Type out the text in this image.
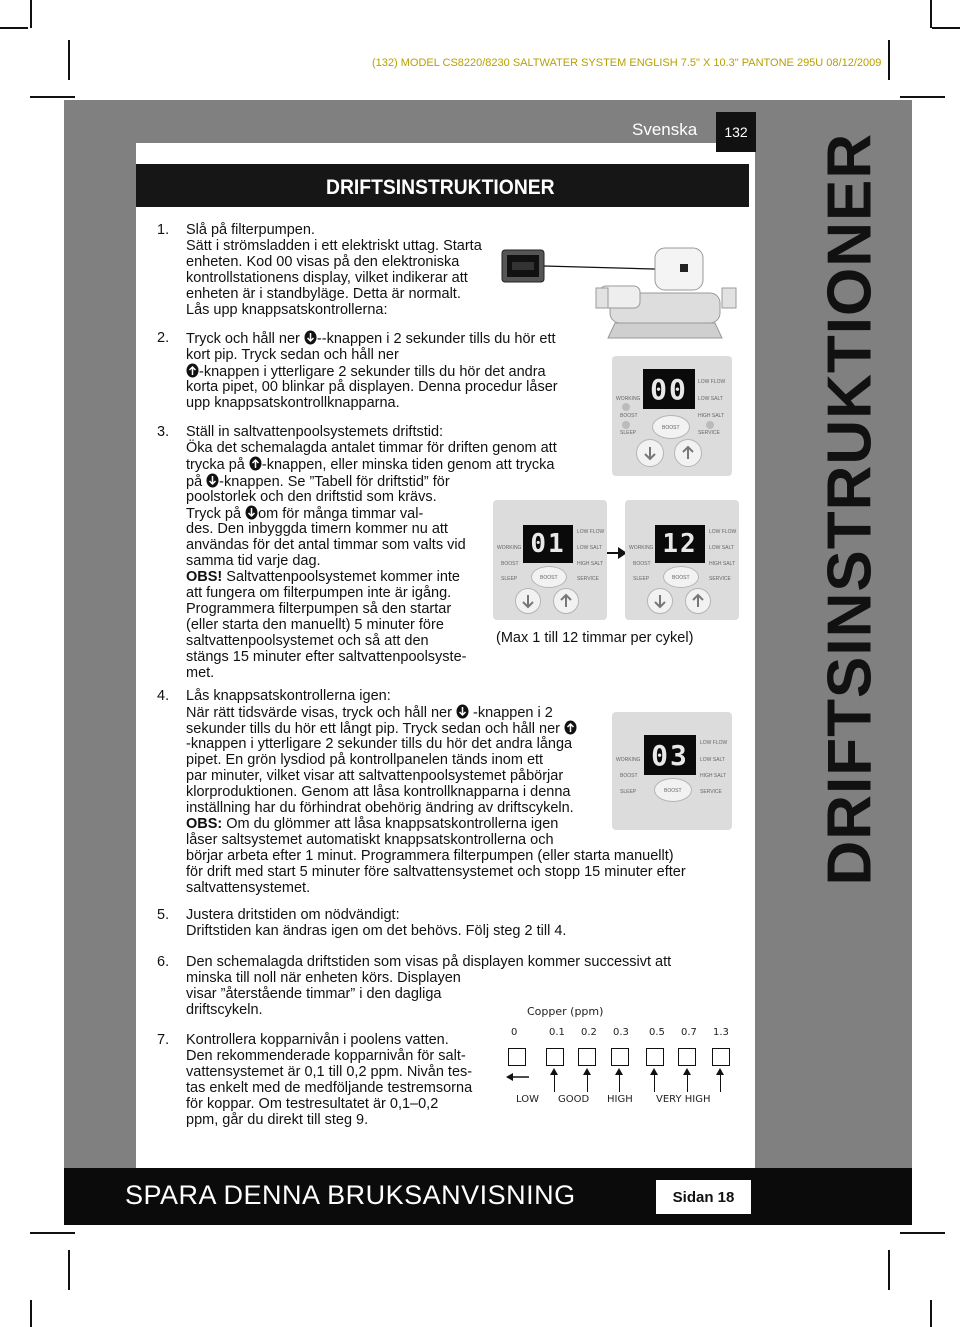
(132) MODEL CS8220/8230 SALTWATER SYSTEM ENGLISH 7.5" X 10.3" PANTONE 295U 08/12/2009
Svenska	132
DRIFTSINSTRUKTIONER	DRIFTSINSTRUKTIONER
1. Slå på filterpumpen.
Sätt i strömsladden i ett elektriskt uttag. Starta
enheten. Kod 00 visas på den elektroniska
kontrollstationens display, vilket indikerar att
enheten är i standbyläge. Detta är normalt.
Lås upp knappsatskontrollerna:
2. Tryck och håll ner --knappen i 2 sekunder tills du hör ett
kort pip. Tryck sedan och håll ner
-knappen i ytterligare 2 sekunder tills du hör det andra
korta pipet, 00 blinkar på displayen. Denna procedur låser
upp knappsatskontrollknapparna.	00
WORKING
BOOST
SLEEP
LOW FLOW
LOW SALT
HIGH SALT
SERVICE
BOOST
3. Ställ in saltvattenpoolsystemets driftstid:
Öka det schemalagda antalet timmar för driften genom att
trycka på -knappen, eller minska tiden genom att trycka
på -knappen. Se ”Tabell för driftstid” för
poolstorlek och den driftstid som krävs.
Tryck på om för många timmar val-
des. Den inbyggda timern kommer nu att
användas för det antal timmar som valts vid
samma tid varje dag.
OBS! Saltvattenpoolsystemet kommer inte
att fungera om filterpumpen inte är igång.
Programmera filterpumpen så den startar
(eller starta den manuellt) 5 minuter före
saltvattenpoolsystemet och så att den
stängs 15 minuter efter saltvattenpoolsyste-
met.
01
WORKING
BOOST
SLEEP
LOW FLOW
LOW SALT
HIGH SALT
SERVICE
BOOST
12
WORKING
BOOST
SLEEP
LOW FLOW
LOW SALT
HIGH SALT
SERVICE
BOOST
(Max 1 till 12 timmar per cykel)
4. Lås knappsatskontrollerna igen:
När rätt tidsvärde visas, tryck och håll ner -knappen i 2
sekunder tills du hör ett långt pip. Tryck sedan och håll ner
-knappen i ytterligare 2 sekunder tills du hör det andra långa
pipet. En grön lysdiod på kontrollpanelen tänds inom ett
par minuter, vilket visar att saltvattenpoolsystemet påbörjar
klorproduktionen. Genom att låsa kontrollknapparna i denna
inställning har du förhindrat obehörig ändring av driftscykeln.
OBS: Om du glömmer att låsa knappsatskontrollerna igen
låser saltsystemet automatiskt knappsatskontrollerna och
börjar arbeta efter 1 minut. Programmera filterpumpen (eller starta manuellt)
för drift med start 5 minuter före saltvattensystemet och stopp 15 minuter efter
saltvattensystemet.
03
WORKING
BOOST
SLEEP
LOW FLOW
LOW SALT
HIGH SALT
SERVICE
BOOST
5. Justera dritstiden om nödvändigt:
Driftstiden kan ändras igen om det behövs. Följ steg 2 till 4.
6. Den schemalagda driftstiden som visas på displayen kommer successivt att
minska till noll när enheten körs. Displayen
visar ”återstående timmar” i den dagliga
driftscykeln.
7. Kontrollera kopparnivån i poolens vatten.
Den rekommenderade kopparnivån för salt-
vattensystemet är 0,1 till 0,2 ppm. Nivån tes-
tas enkelt med de medföljande testremsorna
för koppar. Om testresultatet är 0,1–0,2
ppm, går du direkt till steg 9.
Copper (ppm)
0	0.1 0.2 0.3 0.5 0.7 1.3
LOW GOOD HIGH VERY HIGH
SPARA DENNA BRUKSANVISNING	Sidan 18
